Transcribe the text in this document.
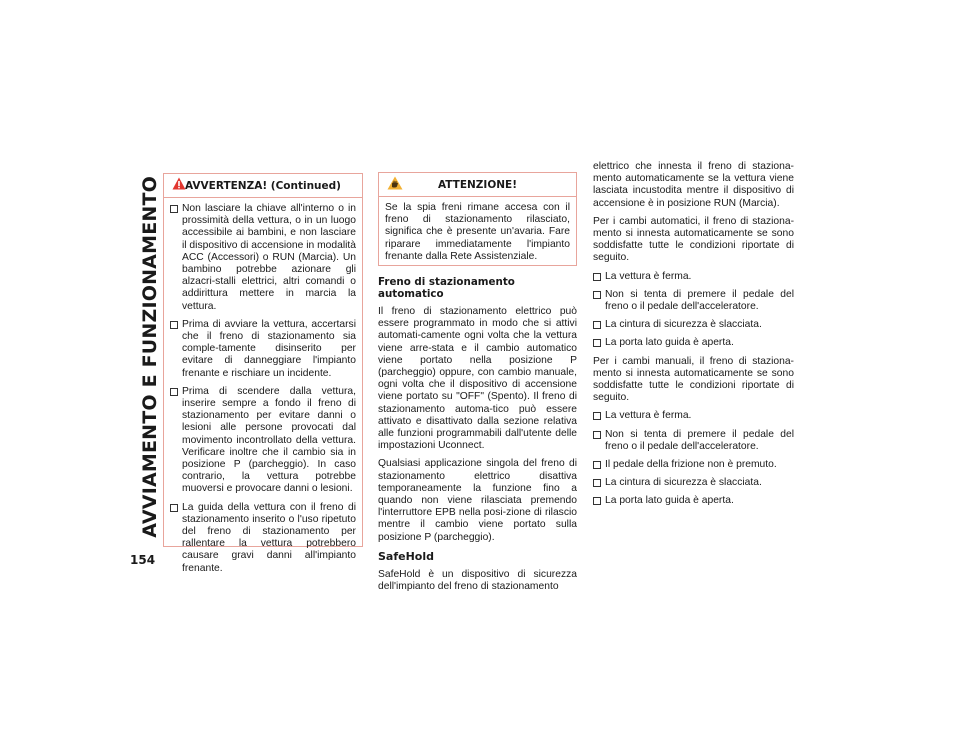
AVVIAMENTO E FUNZIONAMENTO
154
AVVERTENZA! (Continued)
Non lasciare la chiave all'interno o in prossimità della vettura, o in un luogo accessibile ai bambini, e non lasciare il dispositivo di accensione in modalità ACC (Accessori) o RUN (Marcia). Un bambino potrebbe azionare gli alzacri-stalli elettrici, altri comandi o addirittura mettere in marcia la vettura.
Prima di avviare la vettura, accertarsi che il freno di stazionamento sia comple-tamente disinserito per evitare di danneggiare l'impianto frenante e rischiare un incidente.
Prima di scendere dalla vettura, inserire sempre a fondo il freno di stazionamento per evitare danni o lesioni alle persone provocati dal movimento incontrollato della vettura. Verificare inoltre che il cambio sia in posizione P (parcheggio). In caso contrario, la vettura potrebbe muoversi e provocare danni o lesioni.
La guida della vettura con il freno di stazionamento inserito o l'uso ripetuto del freno di stazionamento per rallentare la vettura potrebbero causare gravi danni all'impianto frenante.
ATTENZIONE!

Se la spia freni rimane accesa con il freno di stazionamento rilasciato, significa che è presente un'avaria. Fare riparare immediatamente l'impianto frenante dalla Rete Assistenziale.

Freno di stazionamento automatico

Il freno di stazionamento elettrico può essere programmato in modo che si attivi automati-camente ogni volta che la vettura viene arre-stata e il cambio automatico viene portato nella posizione P (parcheggio) oppure, con cambio manuale, ogni volta che il dispositivo di accensione viene portato su "OFF" (Spento). Il freno di stazionamento automa-tico può essere attivato e disattivato dalla sezione relativa alle funzioni programmabili dall'utente delle impostazioni Uconnect.

Qualsiasi applicazione singola del freno di stazionamento elettrico disattiva temporaneamente la funzione fino a quando non viene rilasciata premendo l'interruttore EPB nella posi-zione di rilascio mentre il cambio viene portato sulla posizione P (parcheggio).

SafeHold

SafeHold è un dispositivo di sicurezza dell'impianto del freno di stazionamento

elettrico che innesta il freno di staziona-mento automaticamente se la vettura viene lasciata incustodita mentre il dispositivo di accensione è in posizione RUN (Marcia).

Per i cambi automatici, il freno di staziona-mento si innesta automaticamente se sono soddisfatte tutte le condizioni riportate di seguito.

La vettura è ferma.
Non si tenta di premere il pedale del freno o il pedale dell'acceleratore.
La cintura di sicurezza è slacciata.
La porta lato guida è aperta.

Per i cambi manuali, il freno di staziona-mento si innesta automaticamente se sono soddisfatte tutte le condizioni riportate di seguito.

La vettura è ferma.
Non si tenta di premere il pedale del freno o il pedale dell'acceleratore.
Il pedale della frizione non è premuto.
La cintura di sicurezza è slacciata.
La porta lato guida è aperta.
